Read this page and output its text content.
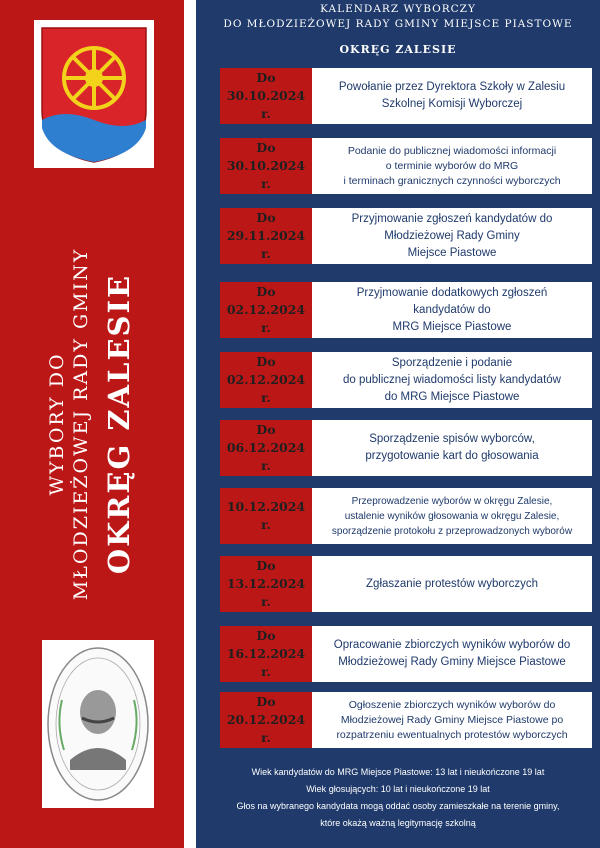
WYBORY DO MŁODZIEŻOWEJ RADY GMINY OKRĘG ZALESIE
KALENDARZ WYBORCZY
DO MŁODZIEŻOWEJ RADY GMINY MIEJSCE PIASTOWE
OKRĘG ZALESIE
Do
30.10.2024 r.
Powołanie przez Dyrektora Szkoły w Zalesiu
Szkolnej Komisji Wyborczej
Do
30.10.2024 r.
Podanie do publicznej wiadomości informacji
o terminie wyborów do MRG
i terminach granicznych czynności wyborczych
Do
29.11.2024 r.
Przyjmowanie zgłoszeń kandydatów do
Młodzieżowej Rady Gminy
Miejsce Piastowe
Do
02.12.2024 r.
Przyjmowanie dodatkowych zgłoszeń
kandydatów do
MRG Miejsce Piastowe
Do
02.12.2024 r.
Sporządzenie i podanie
do publicznej wiadomości listy kandydatów
do MRG Miejsce Piastowe
Do
06.12.2024 r.
Sporządzenie spisów wyborców,
przygotowanie kart do głosowania
10.12.2024 r.
Przeprowadzenie wyborów w okręgu Zalesie,
ustalenie wyników głosowania w okręgu Zalesie,
sporządzenie protokołu z przeprowadzonych wyborów
Do
13.12.2024 r.
Zgłaszanie protestów wyborczych
Do
16.12.2024 r.
Opracowanie zbiorczych wyników wyborów do
Młodzieżowej Rady Gminy Miejsce Piastowe
Do
20.12.2024 r.
Ogłoszenie zbiorczych wyników wyborów do
Młodzieżowej Rady Gminy Miejsce Piastowe po
rozpatrzeniu ewentualnych protestów wyborczych
Wiek kandydatów do MRG Miejsce Piastowe: 13 lat i nieukończone 19 lat
Wiek głosujących: 10 lat i nieukończone 19 lat
Głos na wybranego kandydata mogą oddać osoby zamieszkałe na terenie gminy,
które okażą ważną legitymację szkolną
